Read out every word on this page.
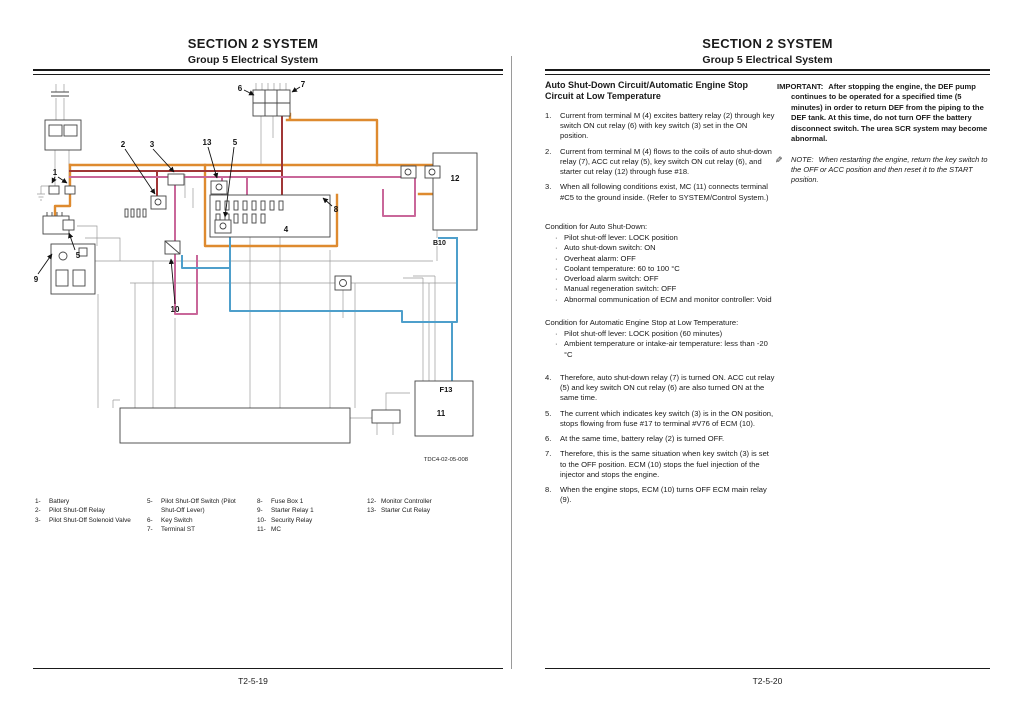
SECTION 2 SYSTEM
Group 5 Electrical System
1
2	3	13	5
6	7
8
4
9
5
10
12
B10
F13
11
TDC4-02-05-008
1-	Battery
2-	Pilot Shut-Off Relay
3-	Pilot Shut-Off Solenoid Valve
5-	Pilot Shut-Off Switch (Pilot Shut-Off Lever)
6-	Key Switch
7-	Terminal ST
8-	Fuse Box 1
9-	Starter Relay 1
10- Security Relay
11- MC
12- Monitor Controller
13- Starter Cut Relay
T2-5-19
SECTION 2 SYSTEM
Group 5 Electrical System
Auto Shut-Down Circuit/Automatic Engine Stop Circuit at Low Temperature
1.	Current from terminal M (4) excites battery relay (2) through key switch ON cut relay (6) with key switch (3) set in the ON position.
2.	Current from terminal M (4) flows to the coils of auto shut-down relay (7), ACC cut relay (5), key switch ON cut relay (6), and starter cut relay (12) through fuse #18.
3.	When all following conditions exist, MC (11) connects terminal #C5 to the ground inside. (Refer to SYSTEM/Control System.)
Condition for Auto Shut-Down:
· Pilot shut-off lever: LOCK position
· Auto shut-down switch: ON
· Overheat alarm: OFF
· Coolant temperature: 60 to 100 °C
· Overload alarm switch: OFF
· Manual regeneration switch: OFF
· Abnormal communication of ECM and monitor controller: Void
Condition for Automatic Engine Stop at Low Temperature:
· Pilot shut-off lever: LOCK position (60 minutes)
· Ambient temperature or intake-air temperature: less than -20 °C
4.	Therefore, auto shut-down relay (7) is turned ON. ACC cut relay (5) and key switch ON cut relay (6) are also turned ON at the same time.
5.	The current which indicates key switch (3) is in the ON position, stops flowing from fuse #17 to terminal #V76 of ECM (10).
6.	At the same time, battery relay (2) is turned OFF.
7.	Therefore, this is the same situation when key switch (3) is set to the OFF position. ECM (10) stops the fuel injection of the injector and stops the engine.
8.	When the engine stops, ECM (10) turns OFF ECM main relay (9).
IMPORTANT: After stopping the engine, the DEF pump continues to be operated for a specified time (5 minutes) in order to return DEF from the piping to the DEF tank. At this time, do not turn OFF the battery disconnect switch. The urea SCR system may become abnormal.
✎ NOTE: When restarting the engine, return the key switch to the OFF or ACC position and then reset it to the START position.
T2-5-20
